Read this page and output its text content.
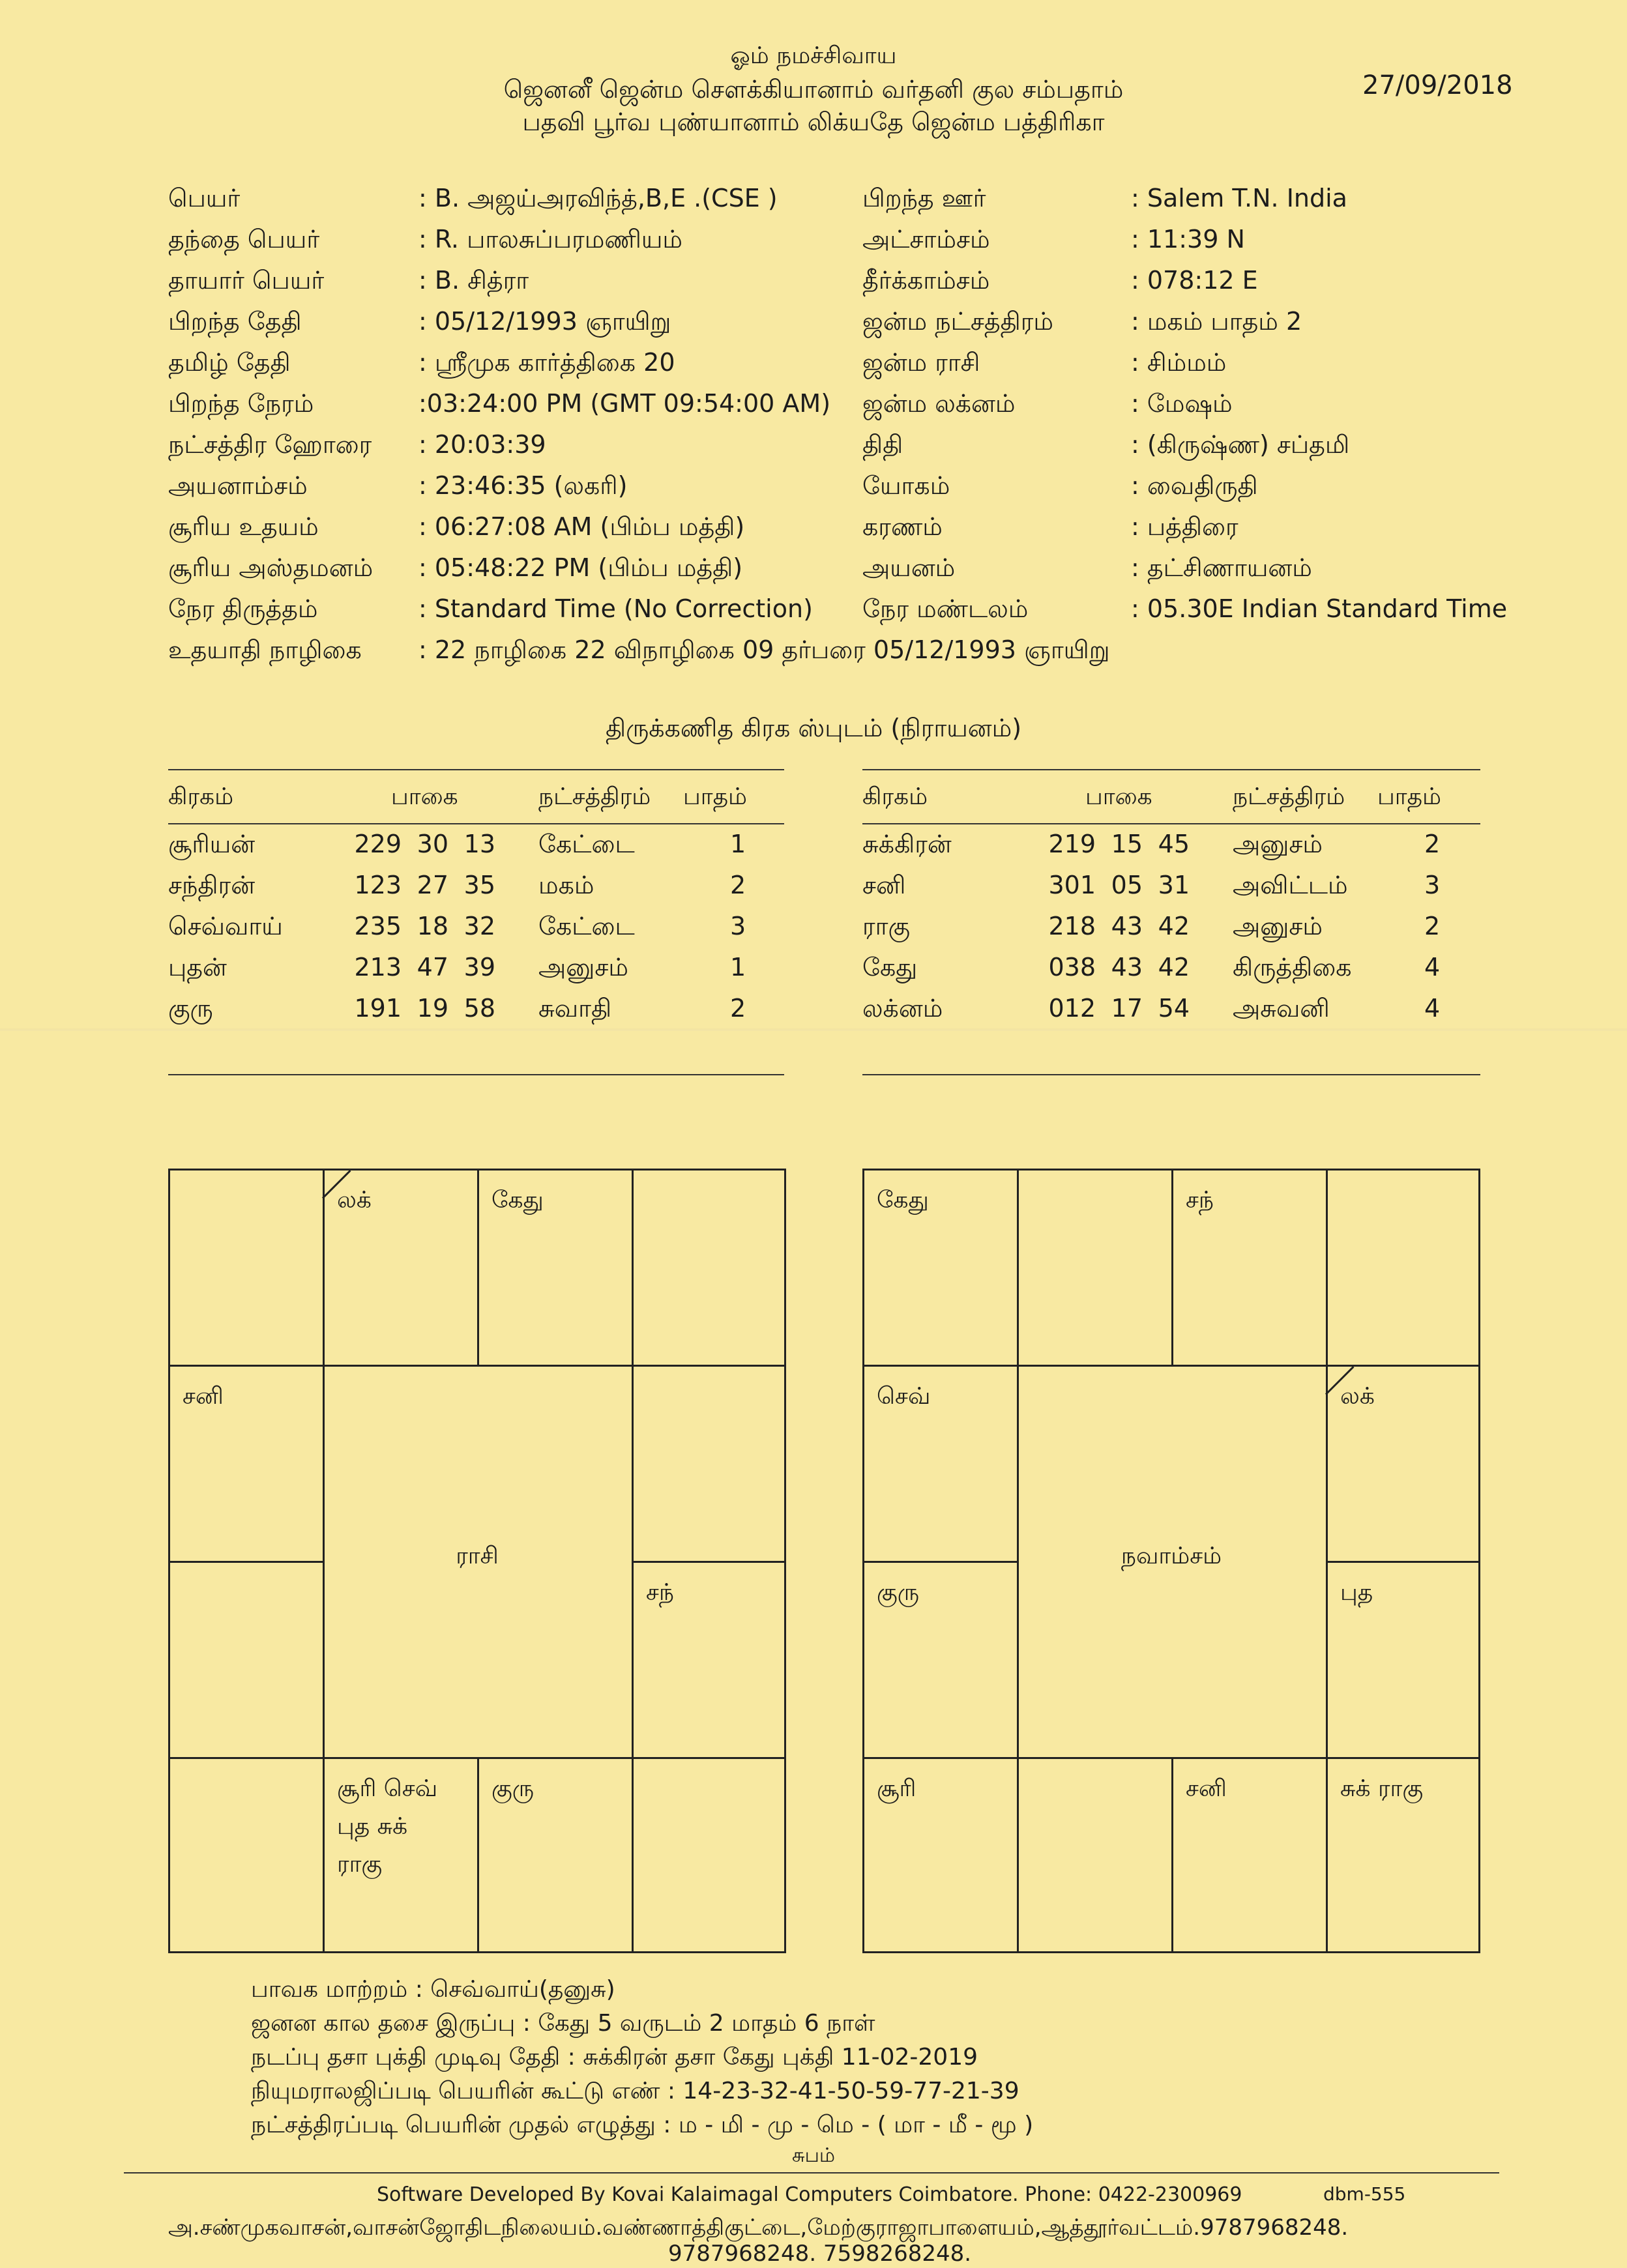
ஓம் நமச்சிவாய
ஜெனனீ ஜென்ம சௌக்கியானாம் வர்தனி குல சம்பதாம்
பதவி பூர்வ புண்யானாம் லிக்யதே ஜென்ம பத்திரிகா
27/09/2018
பெயர்	: B. அஜய்அரவிந்த்,B,E .(CSE )
தந்தை பெயர்	: R. பாலசுப்பரமணியம்
தாயார் பெயர்	: B. சித்ரா
பிறந்த தேதி	: 05/12/1993 ஞாயிறு
தமிழ் தேதி	: ஸ்ரீமுக கார்த்திகை 20
பிறந்த நேரம்	:03:24:00 PM (GMT 09:54:00 AM)
நட்சத்திர ஹோரை : 20:03:39
அயனாம்சம்	: 23:46:35 (லகரி)
சூரிய உதயம்	: 06:27:08 AM (பிம்ப மத்தி)
சூரிய அஸ்தமனம் : 05:48:22 PM (பிம்ப மத்தி)
நேர திருத்தம்	: Standard Time (No Correction)
உதயாதி நாழிகை : 22 நாழிகை 22 விநாழிகை 09 தர்பரை 05/12/1993 ஞாயிறு
பிறந்த ஊர்	: Salem T.N. India
அட்சாம்சம்	: 11:39 N
தீர்க்காம்சம்	: 078:12 E
ஜன்ம நட்சத்திரம்	: மகம் பாதம் 2
ஜன்ம ராசி	: சிம்மம்
ஜன்ம லக்னம்	: மேஷம்
திதி	: (கிருஷ்ண) சப்தமி
யோகம்	: வைதிருதி
கரணம்	: பத்திரை
அயனம்	: தட்சிணாயனம்
நேர மண்டலம்	: 05.30E Indian Standard Time
திருக்கணித கிரக ஸ்புடம் (நிராயனம்)
கிரகம்	பாகை	நட்சத்திரம் பாதம்
சூரியன்	229 30 13 கேட்டை	1
சந்திரன்	123 27 35 மகம்	2
செவ்வாய்	235 18 32 கேட்டை	3
புதன்	213 47 39 அனுசம்	1
குரு	191 19 58 சுவாதி	2
கிரகம்	பாகை	நட்சத்திரம் பாதம்
சுக்கிரன்	219 15 45 அனுசம்	2
சனி	301 05 31 அவிட்டம்	3
ராகு	218 43 42 அனுசம்	2
கேது	038 43 42 கிருத்திகை	4
லக்னம்	012 17 54 அசுவனி	4
லக்	கேது
சனி
சந்
சூரி செவ்
புத சுக்
ராகு
குரு
ராசி
கேது	சந்
செவ்	லக்
குரு	புத
சூரி	சனி	சுக் ராகு
நவாம்சம்
பாவக மாற்றம் : செவ்வாய்(தனுசு)
ஜனன கால தசை இருப்பு : கேது 5 வருடம் 2 மாதம் 6 நாள்
நடப்பு தசா புக்தி முடிவு தேதி : சுக்கிரன் தசா கேது புக்தி 11-02-2019
நியுமராலஜிப்படி பெயரின் கூட்டு எண் : 14-23-32-41-50-59-77-21-39
நட்சத்திரப்படி பெயரின் முதல் எழுத்து : ம - மி - மு - மெ - ( மா - மீ - மூ )
சுபம்
Software Developed By Kovai Kalaimagal Computers Coimbatore. Phone: 0422-2300969	dbm-555
அ.சண்முகவாசன்,வாசன்ஜோதிடநிலையம்.வண்ணாத்திகுட்டை,மேற்குராஜாபாளையம்,ஆத்தூர்வட்டம்.9787968248.
9787968248. 7598268248.
